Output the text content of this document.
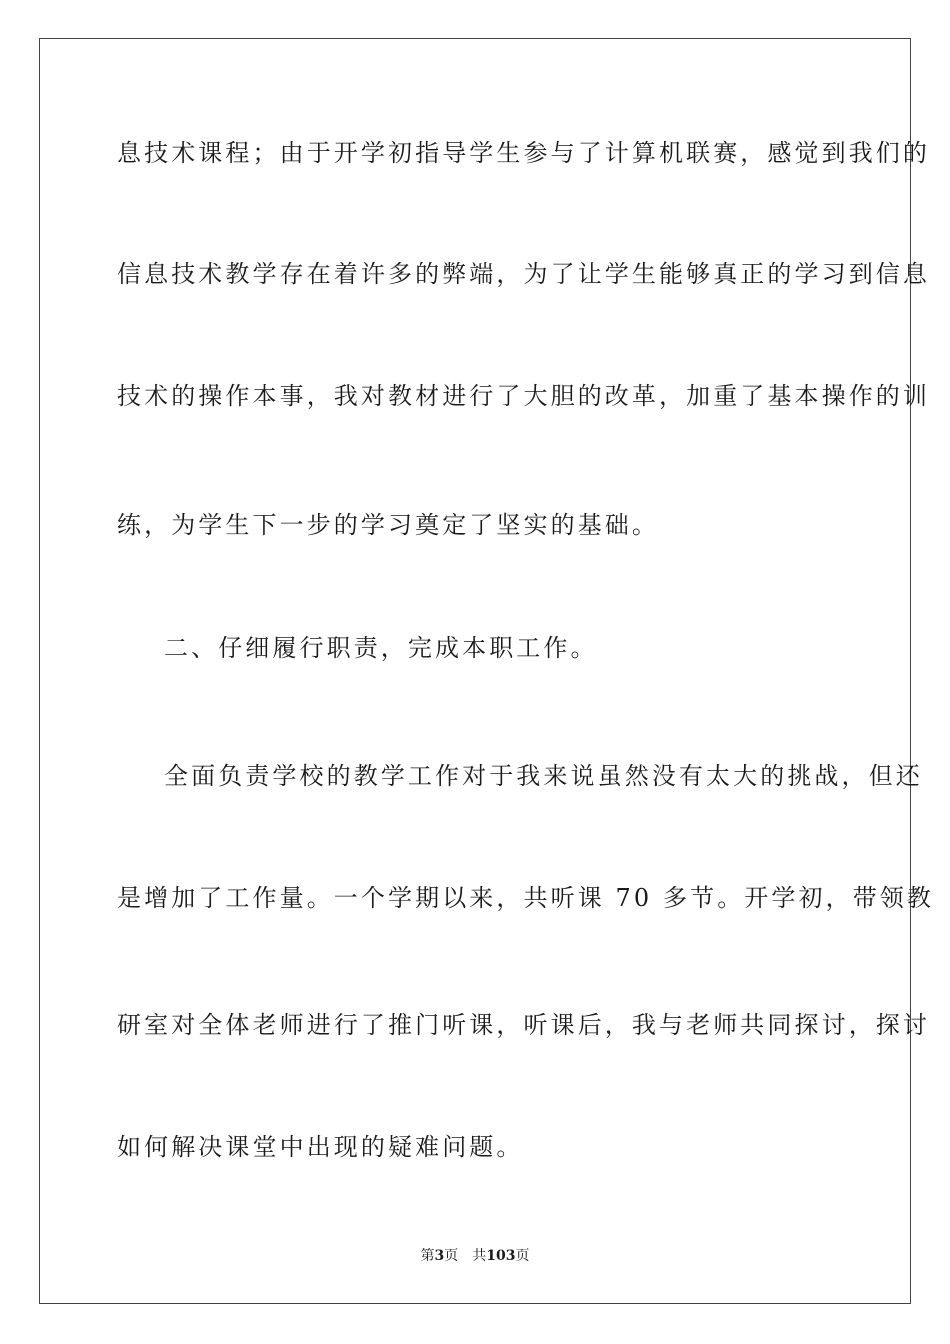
息技术课程；由于开学初指导学生参与了计算机联赛，感觉到我们的

信息技术教学存在着许多的弊端，为了让学生能够真正的学习到信息

技术的操作本事，我对教材进行了大胆的改革，加重了基本操作的训

练，为学生下一步的学习奠定了坚实的基础。

二、仔细履行职责，完成本职工作。

全面负责学校的教学工作对于我来说虽然没有太大的挑战，但还

是增加了工作量。一个学期以来，共听课 70 多节。开学初，带领教

研室对全体老师进行了推门听课，听课后，我与老师共同探讨，探讨

如何解决课堂中出现的疑难问题。

第3页 共103页
